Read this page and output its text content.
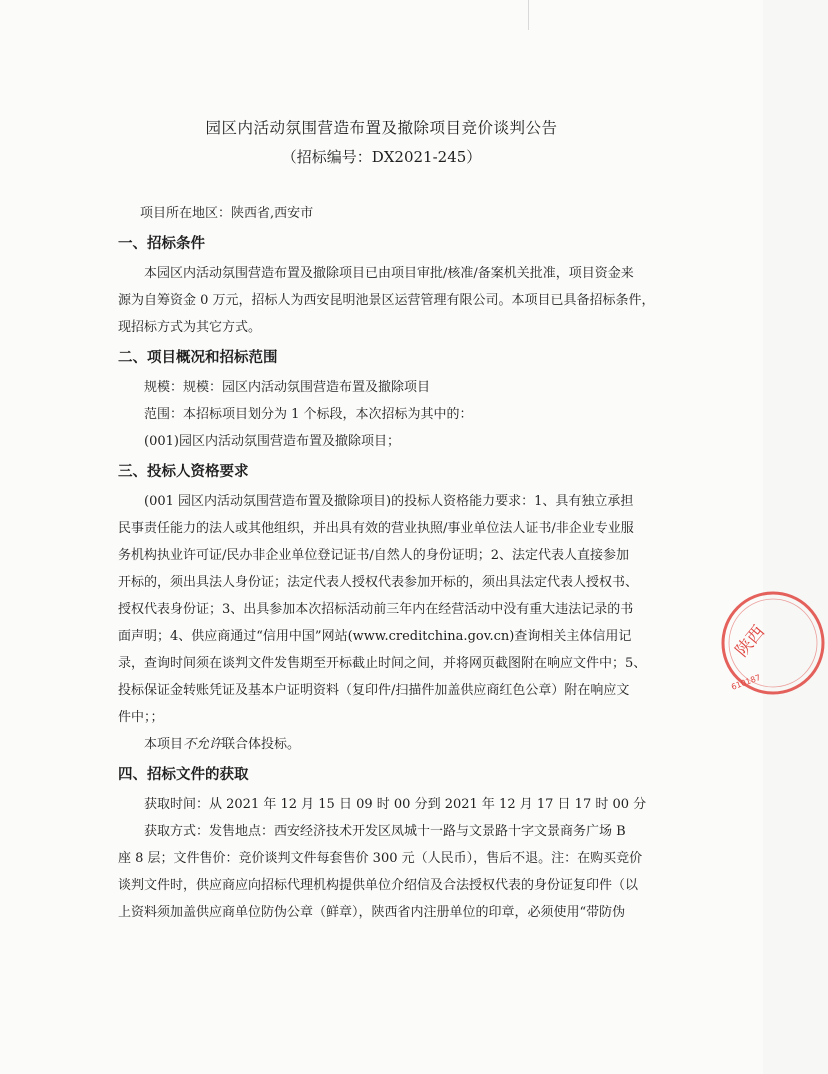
园区内活动氛围营造布置及撤除项目竞价谈判公告
（招标编号：DX2021-245）
项目所在地区：陕西省,西安市
一、招标条件
本园区内活动氛围营造布置及撤除项目已由项目审批/核准/备案机关批准，项目资金来
源为自筹资金 0 万元，招标人为西安昆明池景区运营管理有限公司。本项目已具备招标条件，
现招标方式为其它方式。
二、项目概况和招标范围
规模：规模：园区内活动氛围营造布置及撤除项目
范围：本招标项目划分为 1 个标段，本次招标为其中的：
(001)园区内活动氛围营造布置及撤除项目；
三、投标人资格要求
(001 园区内活动氛围营造布置及撤除项目)的投标人资格能力要求：1、具有独立承担
民事责任能力的法人或其他组织，并出具有效的营业执照/事业单位法人证书/非企业专业服
务机构执业许可证/民办非企业单位登记证书/自然人的身份证明；2、法定代表人直接参加
开标的，须出具法人身份证；法定代表人授权代表参加开标的，须出具法定代表人授权书、
授权代表身份证；3、出具参加本次招标活动前三年内在经营活动中没有重大违法记录的书
面声明；4、供应商通过“信用中国”网站(www.creditchina.gov.cn)查询相关主体信用记
录，查询时间须在谈判文件发售期至开标截止时间之间，并将网页截图附在响应文件中；5、
投标保证金转账凭证及基本户证明资料（复印件/扫描件加盖供应商红色公章）附在响应文
件中；；
本项目不允许联合体投标。
四、招标文件的获取
获取时间：从 2021 年 12 月 15 日 09 时 00 分到 2021 年 12 月 17 日 17 时 00 分
获取方式：发售地点：西安经济技术开发区凤城十一路与文景路十字文景商务广场 B
座 8 层；文件售价：竞价谈判文件每套售价 300 元（人民币），售后不退。注：在购买竞价
谈判文件时，供应商应向招标代理机构提供单位介绍信及合法授权代表的身份证复印件（以
上资料须加盖供应商单位防伪公章（鲜章），陕西省内注册单位的印章，必须使用“带防伪
陕西
610187
